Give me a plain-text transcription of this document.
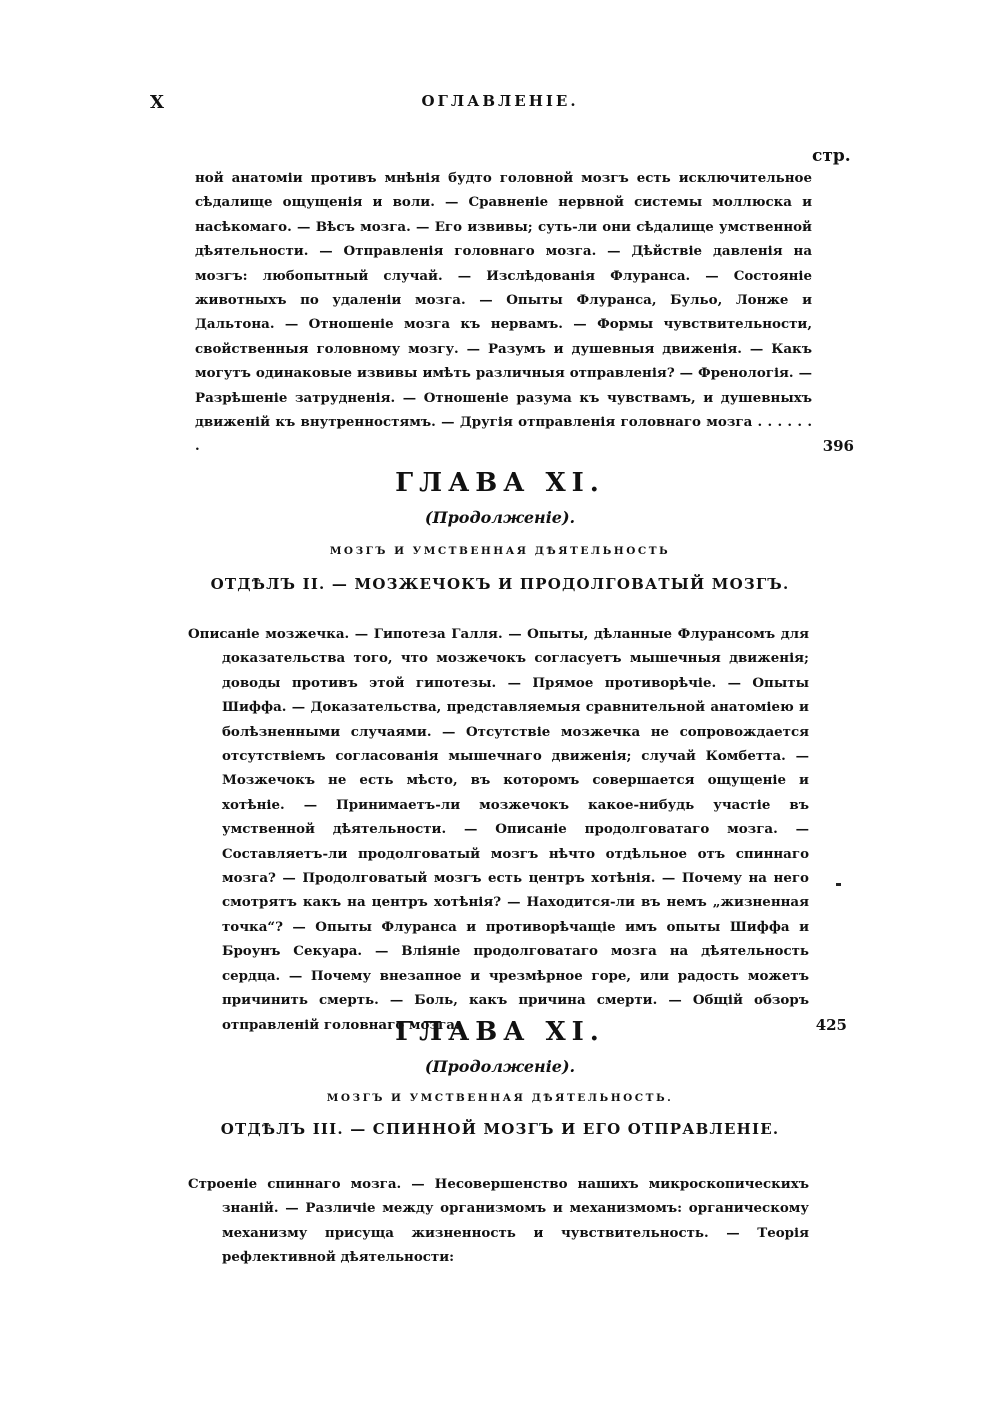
X	ОГЛАВЛЕНІЕ.
стр.

ной анатоміи противъ мнѣнія будто головной мозгъ есть исключительное сѣдалище ощущенія и воли. — Сравненіе нервной системы моллюска и насѣкомаго. — Вѣсъ мозга. — Его извивы; суть-ли они сѣдалище умственной дѣятельности. — Отправленія головнаго мозга. — Дѣйствіе давленія на мозгъ: любопытный случай. — Изслѣдованія Флуранса. — Состояніе животныхъ по удаленіи мозга. — Опыты Флуранса, Бульо, Лонже и Дальтона. — Отношеніе мозга къ нервамъ. — Формы чувствительности, свойственныя головному мозгу. — Разумъ и душевныя движенія. — Какъ могутъ одинаковые извивы имѣть различныя отправленія? — Френологія. — Разрѣшеніе затрудненія. — Отношеніе разума къ чувствамъ, и душевныхъ движеній къ внутренностямъ. — Другія отправленія головнаго мозга . . . . . . .	396
ГЛАВА XI.
(Продолженіе).
МОЗГЪ И УМСТВЕННАЯ ДѢЯТЕЛЬНОСТЬ
ОТДѢЛЪ II. — МОЗЖЕЧОКЪ И ПРОДОЛГОВАТЫЙ МОЗГЪ.

Описаніе мозжечка. — Гипотеза Галля. — Опыты, дѣланные Флурансомъ для доказательства того, что мозжечокъ согласуетъ мышечныя движенія; доводы противъ этой гипотезы. — Прямое противорѣчіе. — Опыты Шиффа. — Доказательства, представляемыя сравнительной анатоміею и болѣзненными случаями. — Отсутствіе мозжечка не сопровождается отсутствіемъ согласованія мышечнаго движенія; случай Комбетта. — Мозжечокъ не есть мѣсто, въ которомъ совершается ощущеніе и хотѣніе. — Принимаетъ-ли мозжечокъ какое-нибудь участіе въ умственной дѣятельности. — Описаніе продолговатаго мозга. — Составляетъ-ли продолговатый мозгъ нѣчто отдѣльное отъ спиннаго мозга? — Продолговатый мозгъ есть центръ хотѣнія. — Почему на него смотрятъ какъ на центръ хотѣнія? — Находится-ли въ немъ „жизненная точка“? — Опыты Флуранса и противорѣчащіе имъ опыты Шиффа и Броунъ Секуара. — Вліяніе продолговатаго мозга на дѣятельность сердца. — Почему внезапное и чрезмѣрное горе, или радость можетъ причинить смерть. — Боль, какъ причина смерти. — Общій обзоръ отправленій головнаго мозга.	425
ГЛАВА XI.
(Продолженіе).
МОЗГЪ И УМСТВЕННАЯ ДѢЯТЕЛЬНОСТЬ.
ОТДѢЛЪ III. — СПИННОЙ МОЗГЪ И ЕГО ОТПРАВЛЕНІЕ.

Строеніе спиннаго мозга. — Несовершенство нашихъ микроскопическихъ знаній. — Различіе между организмомъ и механизмомъ: органическому механизму присуща жизненность и чувствительность. — Теорія рефлективной дѣятельности:
